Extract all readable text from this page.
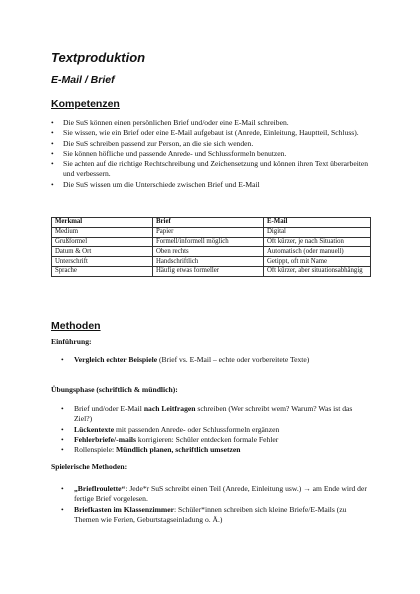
Textproduktion
E-Mail / Brief
Kompetenzen
• Die SuS können einen persönlichen Brief und/oder eine E-Mail schreiben.
• Sie wissen, wie ein Brief oder eine E-Mail aufgebaut ist (Anrede, Einleitung, Hauptteil, Schluss).
• Die SuS schreiben passend zur Person, an die sie sich wenden.
• Sie können höfliche und passende Anrede- und Schlussformeln benutzen.
• Sie achten auf die richtige Rechtschreibung und Zeichensetzung und können ihren Text überarbeiten und verbessern.
• Die SuS wissen um die Unterschiede zwischen Brief und E-Mail
Merkmal	Brief	E-Mail
Medium	Papier	Digital
Grußformel	Formell/informell möglich	Oft kürzer, je nach Situation
Datum & Ort	Oben rechts	Automatisch (oder manuell)
Unterschrift	Handschriftlich	Getippt, oft mit Name
Sprache	Häufig etwas formeller	Oft kürzer, aber situationsabhängig
Methoden
Einführung:
• Vergleich echter Beispiele (Brief vs. E-Mail – echte oder vorbereitete Texte)
Übungsphase (schriftlich & mündlich):
• Brief und/oder E-Mail nach Leitfragen schreiben (Wer schreibt wem? Warum? Was ist das Ziel?)
• Lückentexte mit passenden Anrede- oder Schlussformeln ergänzen
• Fehlerbriefe/-mails korrigieren: Schüler entdecken formale Fehler
• Rollenspiele: Mündlich planen, schriftlich umsetzen
Spielerische Methoden:
• „Brieflroulette“: Jede*r SuS schreibt einen Teil (Anrede, Einleitung usw.) → am Ende wird der fertige Brief vorgelesen.
• Briefkasten im Klassenzimmer: Schüler*innen schreiben sich kleine Briefe/E-Mails (zu Themen wie Ferien, Geburtstagseinladung o. Ä.)
